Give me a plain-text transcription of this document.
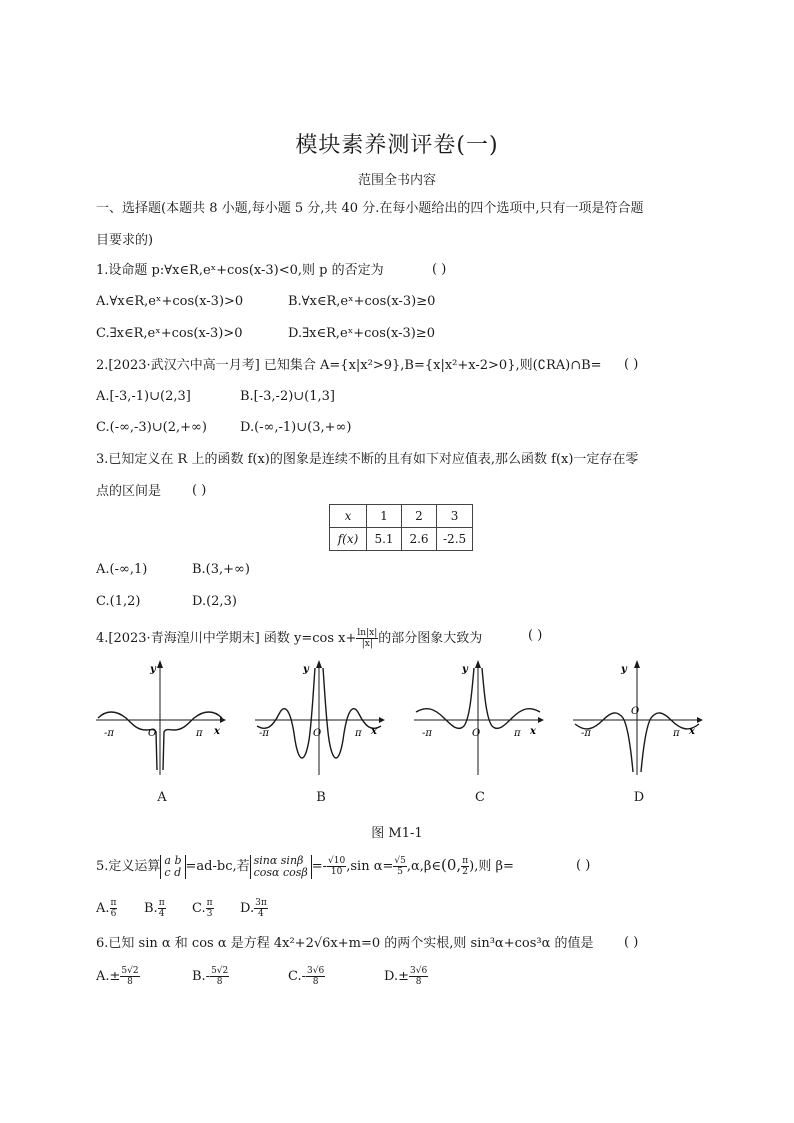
模块素养测评卷(一)
范围全书内容
一、选择题(本题共 8 小题,每小题 5 分,共 40 分.在每小题给出的四个选项中,只有一项是符合题
目要求的)
1.设命题 p:∀x∈R,eˣ+cos(x-3)<0,则 p 的否定为	( )
A.∀x∈R,eˣ+cos(x-3)>0	B.∀x∈R,eˣ+cos(x-3)≥0
C.∃x∈R,eˣ+cos(x-3)>0	D.∃x∈R,eˣ+cos(x-3)≥0
2.[2023·武汉六中高一月考] 已知集合 A={x|x²>9},B={x|x²+x-2>0},则(∁RA)∩B= ( )
A.[-3,-1)∪(2,3]	B.[-3,-2)∪(1,3]
C.(-∞,-3)∪(2,+∞)	D.(-∞,-1)∪(3,+∞)
3.已知定义在 R 上的函数 f(x)的图象是连续不断的且有如下对应值表,那么函数 f(x)一定存在零
点的区间是 ( )
x	1	2	3
f(x)	5.1	2.6	-2.5
A.(-∞,1)	B.(3,+∞)
C.(1,2)	D.(2,3)
4.[2023·青海湟川中学期末] 函数 y=cos $x+ \frac{\ln|x|}{|x|}$ 的部分图象大致为	( )
-π	π
O
y
x	-π	π
O
y
x	-π	π
O
y
x	-π	π
O
y
x
A	B	C	D
图 M1-1
5.定义运算 a b
c d =ad-bc,若 sinα sinβ
cosα $\cos\beta =- \frac{√10}{10} ,\sin$ $\alpha= \frac{√5}{5}$ ,α,β∈(0, $\frac{\pi}{2}$ ),则 β=	( )
A. $\frac{\pi}{6} B$. $\frac{\pi}{4} C$. $\frac{\pi}{3} D$. $\frac{3\pi}{4}$
6.已知 sin α 和 cos α 是方程 4x²+2√6x+m=0 的两个实根,则 sin³α+cos³α 的值是 ( )
$A.\pm \frac{5√2}{8}$	$B.- \frac{5√2}{8}$	$C.- \frac{3√6}{8}$	$D.\pm \frac{3√6}{8}$
